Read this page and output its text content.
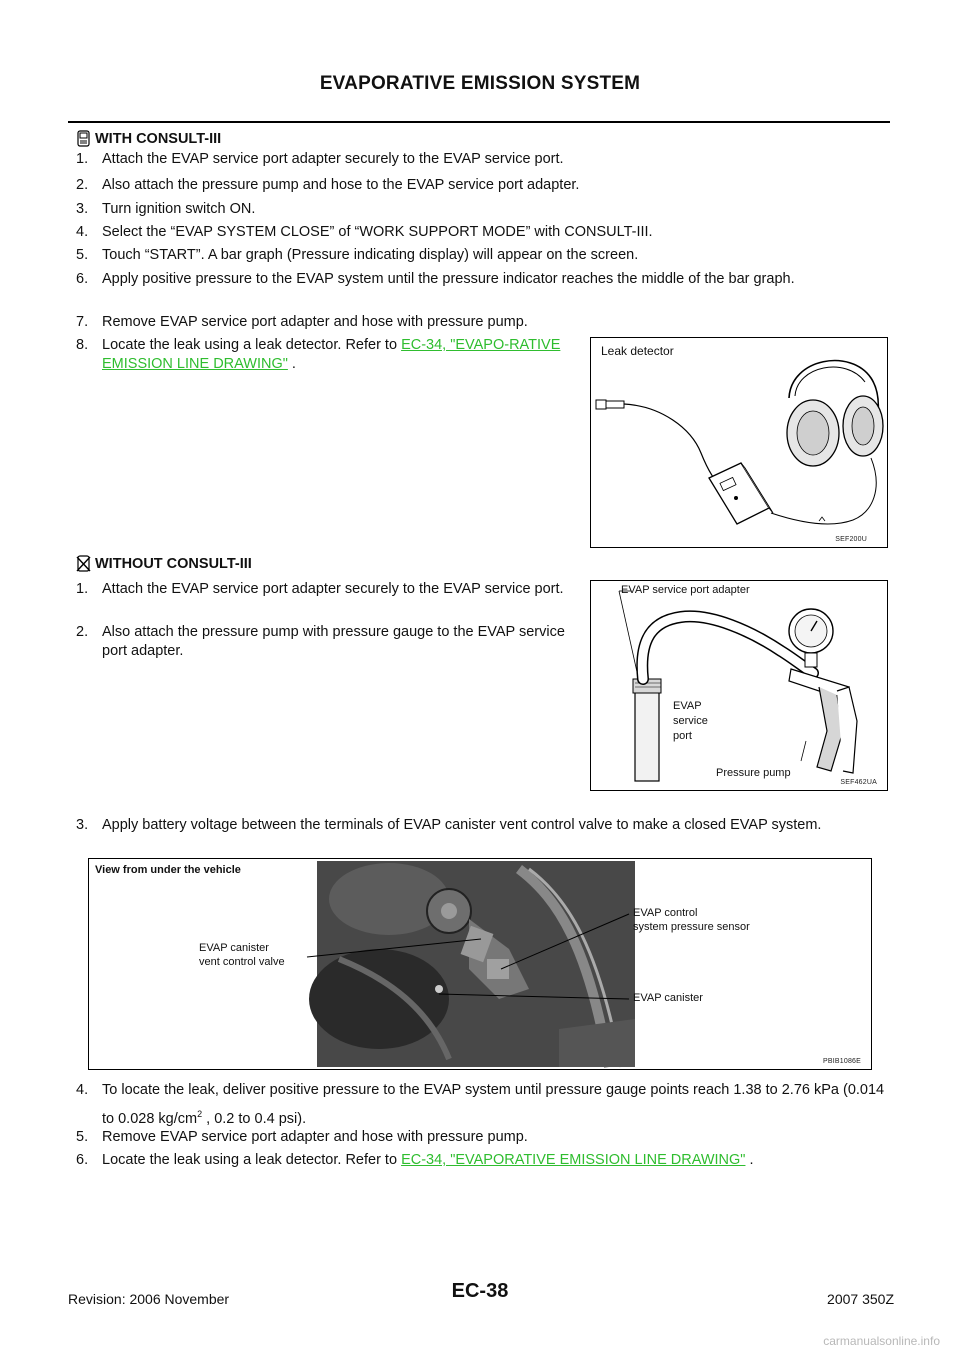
EVAPORATIVE EMISSION SYSTEM
WITH CONSULT-III
1. Attach the EVAP service port adapter securely to the EVAP service port.
2. Also attach the pressure pump and hose to the EVAP service port adapter.
3. Turn ignition switch ON.
4. Select the “EVAP SYSTEM CLOSE” of “WORK SUPPORT MODE” with CONSULT-III.
5. Touch “START”. A bar graph (Pressure indicating display) will appear on the screen.
6. Apply positive pressure to the EVAP system until the pressure indicator reaches the middle of the bar graph.
7. Remove EVAP service port adapter and hose with pressure pump.
8. Locate the leak using a leak detector. Refer to EC-34, "EVAPO-RATIVE EMISSION LINE DRAWING" .
Leak detector
SEF200U
WITHOUT CONSULT-III
1. Attach the EVAP service port adapter securely to the EVAP service port.
2. Also attach the pressure pump with pressure gauge to the EVAP service port adapter.
EVAP service port adapter
EVAP
service
port
Pressure pump
SEF462UA
3. Apply battery voltage between the terminals of EVAP canister vent control valve to make a closed EVAP system.
View from under the vehicle
EVAP canister
vent control valve
EVAP control
system pressure sensor
EVAP canister
PBIB1086E
4. To locate the leak, deliver positive pressure to the EVAP system until pressure gauge points reach 1.38 to 2.76 kPa (0.014 to 0.028 $kg/cm^2$ , 0.2 to 0.4 psi).
5. Remove EVAP service port adapter and hose with pressure pump.
6. Locate the leak using a leak detector. Refer to EC-34, "EVAPORATIVE EMISSION LINE DRAWING" .
EC-38
Revision: 2006 November	2007 350Z
carmanualsonline.info
